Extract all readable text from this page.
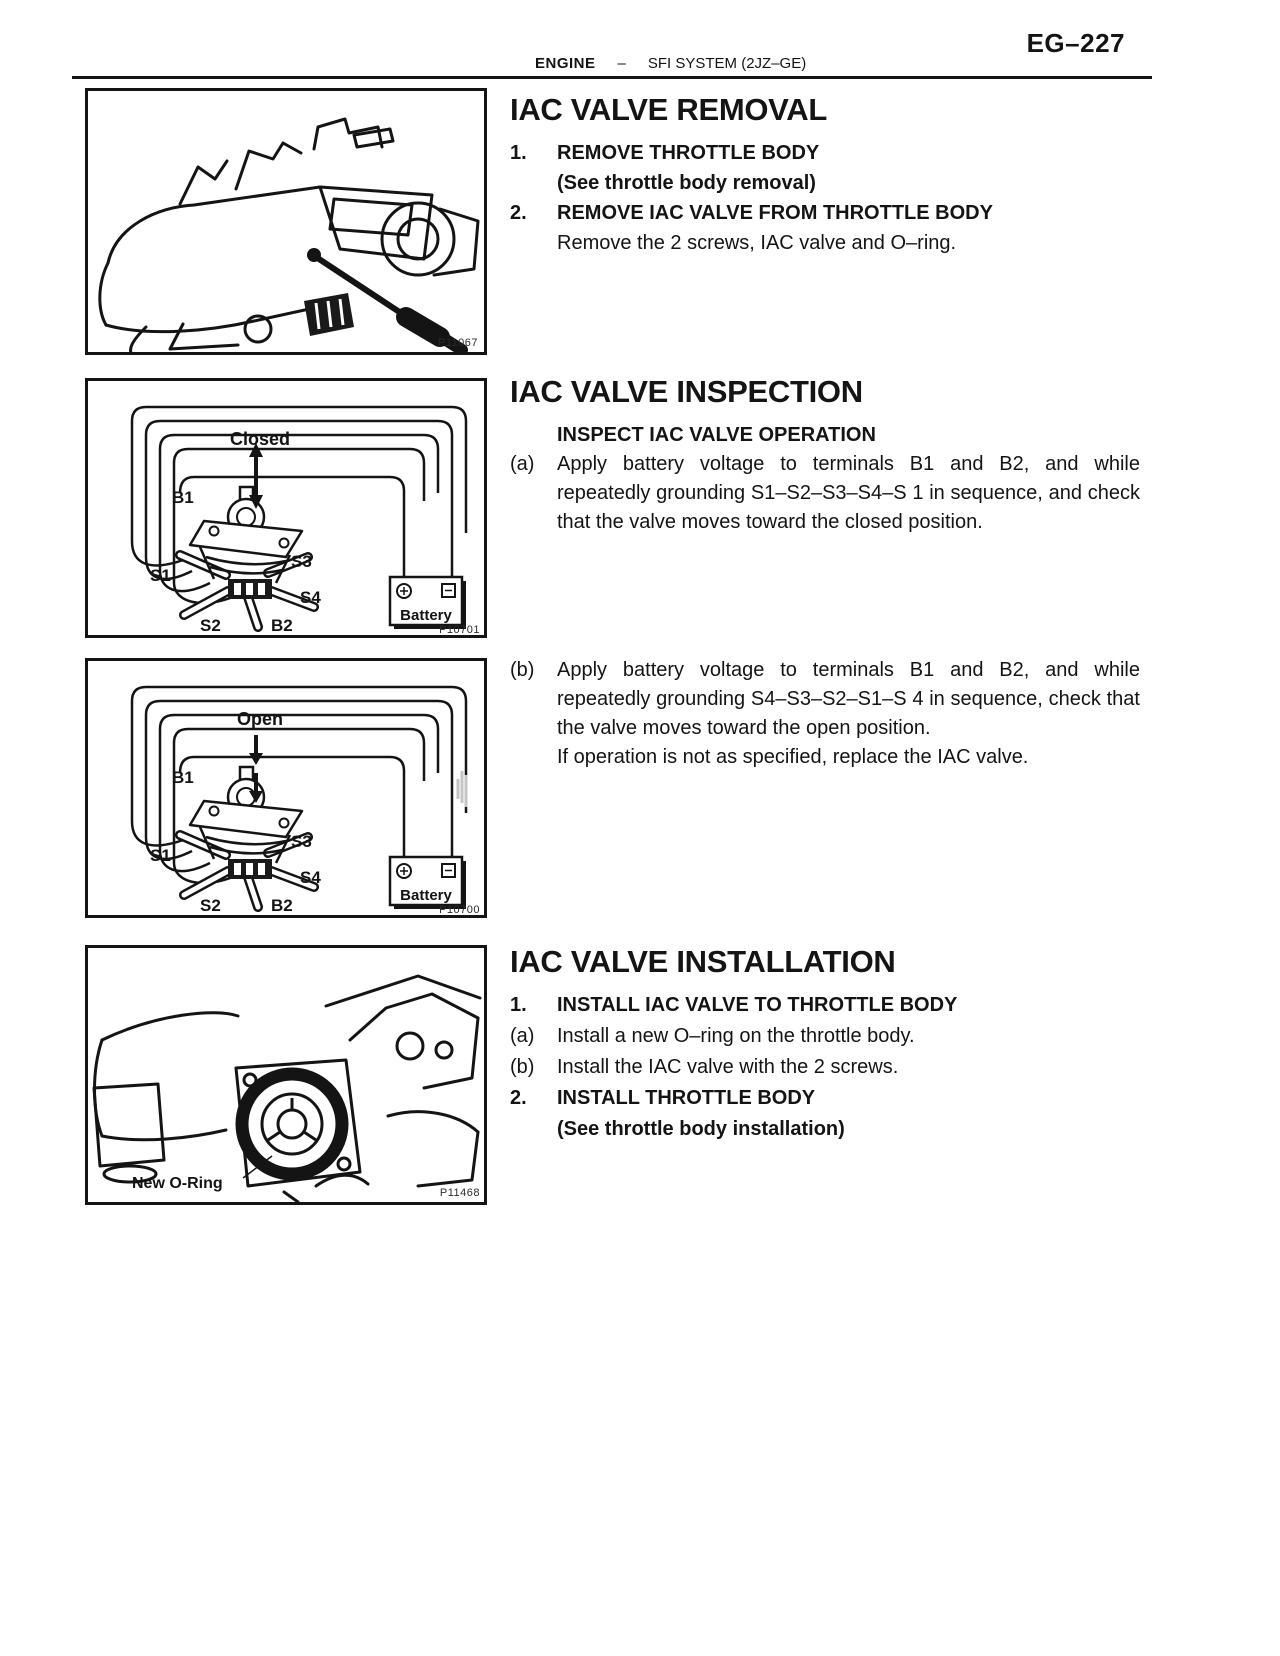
EG–227
ENGINE – SFI SYSTEM (2JZ–GE)
P11067
Closed
B1
S1
S3
S4
S2	B2
Battery
P10701
Open
B1
S1
S3
S4
S2	B2
Battery
P10700
New O-Ring
P11468
IAC VALVE REMOVAL
1.	REMOVE THROTTLE BODY
(See throttle body removal)
2.	REMOVE IAC VALVE FROM THROTTLE BODY
Remove the 2 screws, IAC valve and O–ring.
IAC VALVE INSPECTION
INSPECT IAC VALVE OPERATION
(a)	Apply battery voltage to terminals B1 and B2, and while repeatedly grounding S1–S2–S3–S4–S 1 in sequence, and check that the valve moves toward the closed position.
(b)	Apply battery voltage to terminals B1 and B2, and while repeatedly grounding S4–S3–S2–S1–S 4 in sequence, check that the valve moves toward the open position.
If operation is not as specified, replace the IAC valve.
IAC VALVE INSTALLATION
1.	INSTALL IAC VALVE TO THROTTLE BODY
(a)	Install a new O–ring on the throttle body.
(b)	Install the IAC valve with the 2 screws.
2.	INSTALL THROTTLE BODY
(See throttle body installation)
